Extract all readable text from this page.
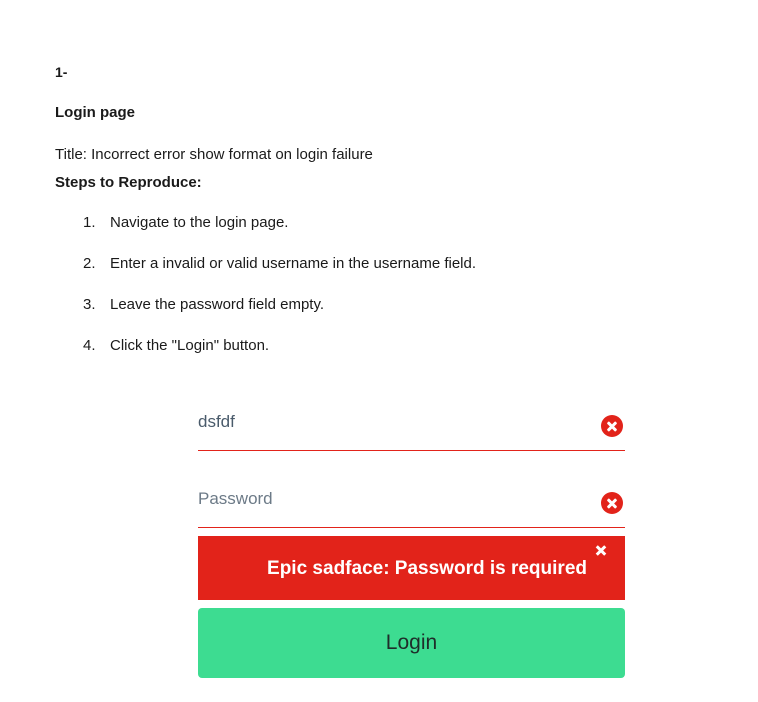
1-
Login page
Title: Incorrect error show format on login failure
Steps to Reproduce:
1. Navigate to the login page.
2. Enter a invalid or valid username in the username field.
3. Leave the password field empty.
4. Click the "Login" button.
dsfdf
Epic sadface: Password is required
Login
